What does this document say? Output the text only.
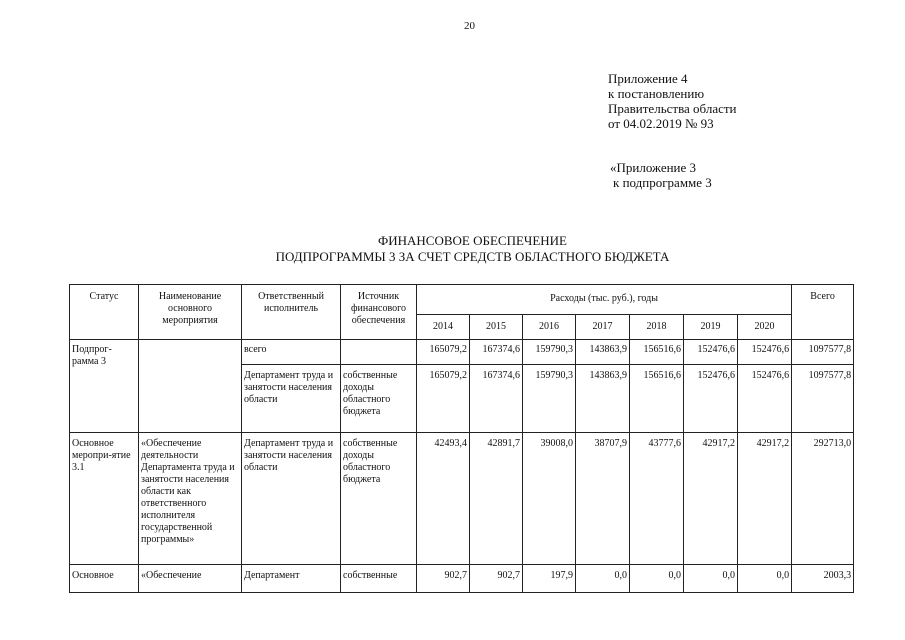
20
Приложение 4
к постановлению
Правительства области
от 04.02.2019 № 93
«Приложение 3
к подпрограмме 3
ФИНАНСОВОЕ ОБЕСПЕЧЕНИЕ
ПОДПРОГРАММЫ 3 ЗА СЧЕТ СРЕДСТВ ОБЛАСТНОГО БЮДЖЕТА
Статус	Наименование основного мероприятия	Ответственный исполнитель	Источник финансового обеспечения	Расходы (тыс. руб.), годы							Всего
				2014	2015	2016	2017	2018	2019	2020	
Подпрог-рамма 3		всего		165079,2	167374,6	159790,3	143863,9	156516,6	152476,6	152476,6	1097577,8
		Департамент труда и занятости населения области	собственные доходы областного бюджета	165079,2	167374,6	159790,3	143863,9	156516,6	152476,6	152476,6	1097577,8
Основное меропри-ятие 3.1	«Обеспечение деятельности Департамента труда и занятости населения области как ответственного исполнителя государственной программы»	Департамент труда и занятости населения области	собственные доходы областного бюджета	42493,4	42891,7	39008,0	38707,9	43777,6	42917,2	42917,2	292713,0
Основное	«Обеспечение	Департамент	собственные	902,7	902,7	197,9	0,0	0,0	0,0	0,0	2003,3
